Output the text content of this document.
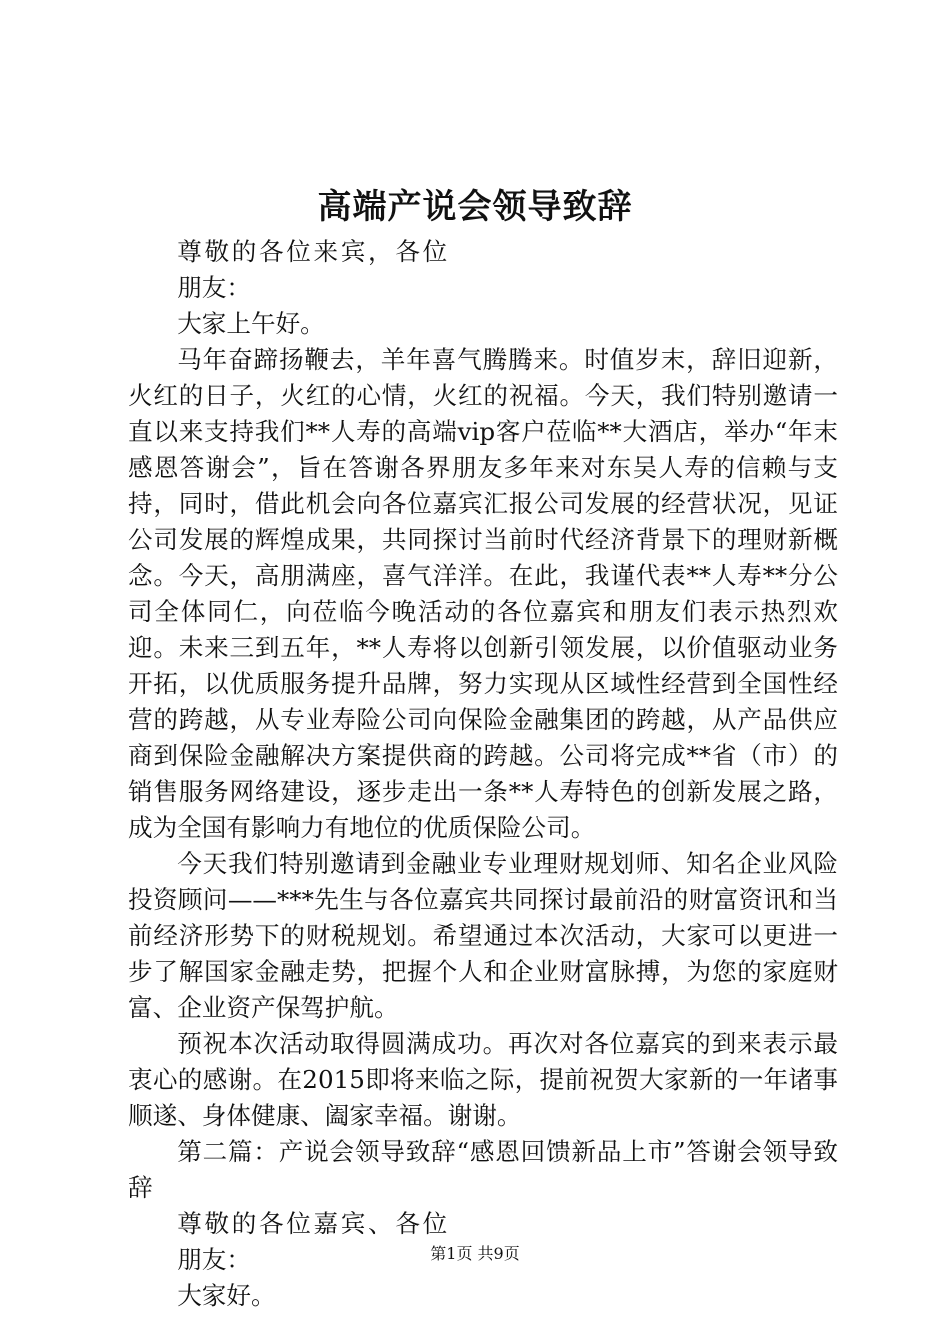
高端产说会领导致辞

尊敬的各位来宾，各位朋友：

大家上午好。

马年奋蹄扬鞭去，羊年喜气腾腾来。时值岁末，辞旧迎新，火红的日子，火红的心情，火红的祝福。今天，我们特别邀请一直以来支持我们**人寿的高端vip客户莅临**大酒店，举办“年末感恩答谢会”，旨在答谢各界朋友多年来对东吴人寿的信赖与支持，同时，借此机会向各位嘉宾汇报公司发展的经营状况，见证公司发展的辉煌成果，共同探讨当前时代经济背景下的理财新概念。今天，高朋满座，喜气洋洋。在此，我谨代表**人寿**分公司全体同仁，向莅临今晚活动的各位嘉宾和朋友们表示热烈欢迎。未来三到五年，**人寿将以创新引领发展，以价值驱动业务开拓，以优质服务提升品牌，努力实现从区域性经营到全国性经营的跨越，从专业寿险公司向保险金融集团的跨越，从产品供应商到保险金融解决方案提供商的跨越。公司将完成**省（市）的销售服务网络建设，逐步走出一条**人寿特色的创新发展之路，成为全国有影响力有地位的优质保险公司。

今天我们特别邀请到金融业专业理财规划师、知名企业风险投资顾问——***先生与各位嘉宾共同探讨最前沿的财富资讯和当前经济形势下的财税规划。希望通过本次活动，大家可以更进一步了解国家金融走势，把握个人和企业财富脉搏，为您的家庭财富、企业资产保驾护航。

预祝本次活动取得圆满成功。再次对各位嘉宾的到来表示最衷心的感谢。在2015即将来临之际，提前祝贺大家新的一年诸事顺遂、身体健康、阖家幸福。谢谢。

第二篇：产说会领导致辞“感恩回馈新品上市”答谢会领导致辞

尊敬的各位嘉宾、各位朋友：

大家好。

第1页 共9页
